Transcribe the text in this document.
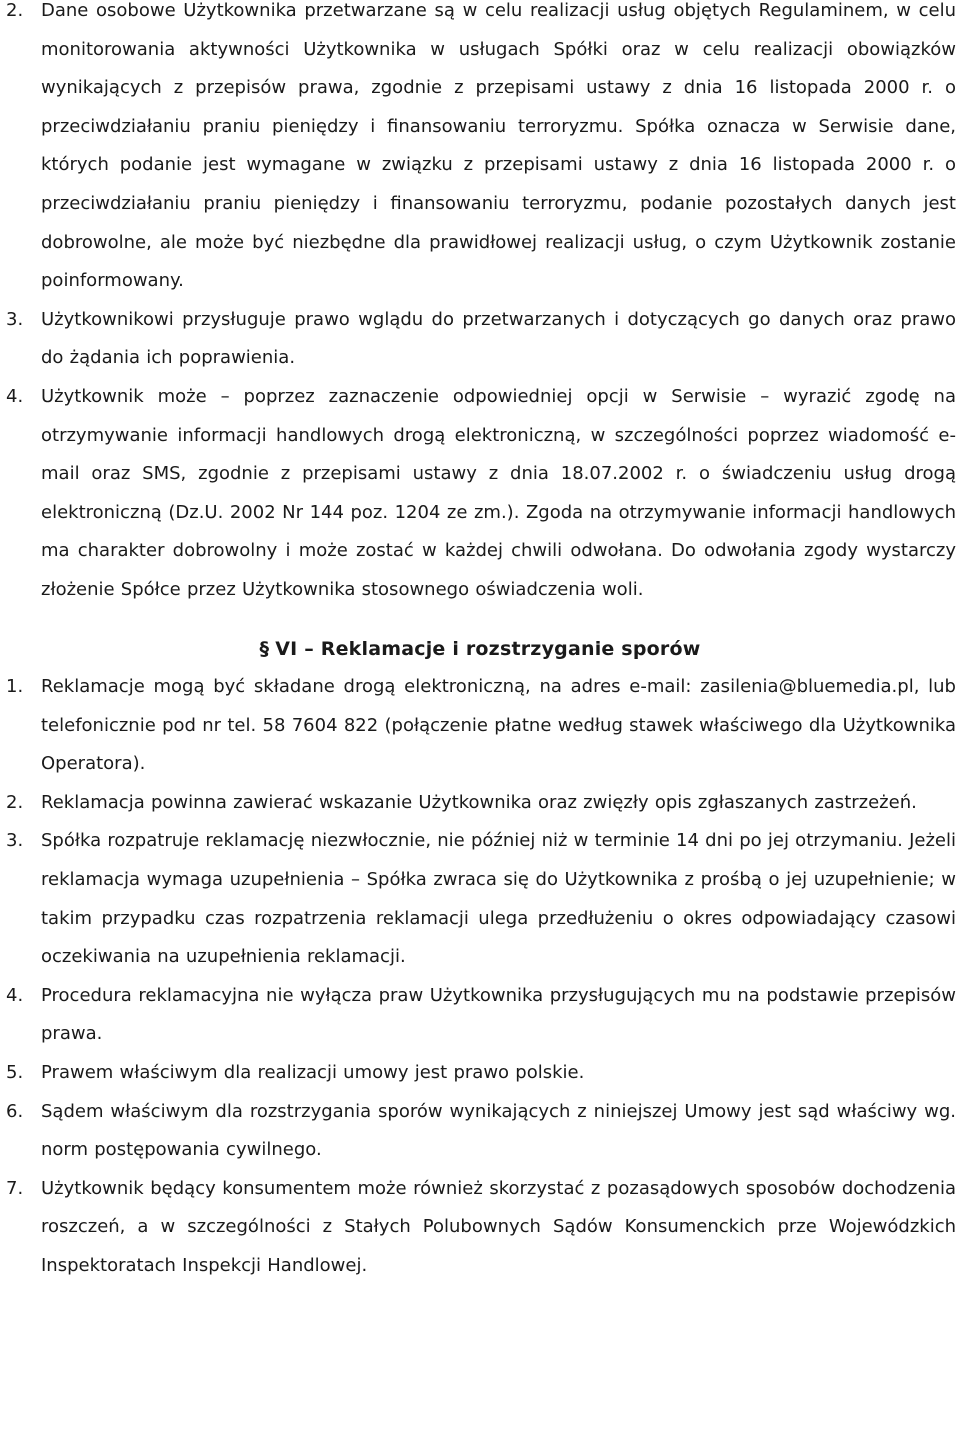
2. Dane osobowe Użytkownika przetwarzane są w celu realizacji usług objętych Regulaminem, w celu monitorowania aktywności Użytkownika w usługach Spółki oraz w celu realizacji obowiązków wynikających z przepisów prawa, zgodnie z przepisami ustawy z dnia 16 listopada 2000 r. o przeciwdziałaniu praniu pieniędzy i finansowaniu terroryzmu. Spółka oznacza w Serwisie dane, których podanie jest wymagane w związku z przepisami ustawy z dnia 16 listopada 2000 r. o przeciwdziałaniu praniu pieniędzy i finansowaniu terroryzmu, podanie pozostałych danych jest dobrowolne, ale może być niezbędne dla prawidłowej realizacji usług, o czym Użytkownik zostanie poinformowany.
3. Użytkownikowi przysługuje prawo wglądu do przetwarzanych i dotyczących go danych oraz prawo do żądania ich poprawienia.
4. Użytkownik może – poprzez zaznaczenie odpowiedniej opcji w Serwisie – wyrazić zgodę na otrzymywanie informacji handlowych drogą elektroniczną, w szczególności poprzez wiadomość e-mail oraz SMS, zgodnie z przepisami ustawy z dnia 18.07.2002 r. o świadczeniu usług drogą elektroniczną (Dz.U. 2002 Nr 144 poz. 1204 ze zm.). Zgoda na otrzymywanie informacji handlowych ma charakter dobrowolny i może zostać w każdej chwili odwołana. Do odwołania zgody wystarczy złożenie Spółce przez Użytkownika stosownego oświadczenia woli.
§ VI – Reklamacje i rozstrzyganie sporów
1. Reklamacje mogą być składane drogą elektroniczną, na adres e-mail: zasilenia@bluemedia.pl, lub telefonicznie pod nr tel. 58 7604 822 (połączenie płatne według stawek właściwego dla Użytkownika Operatora).
2. Reklamacja powinna zawierać wskazanie Użytkownika oraz zwięzły opis zgłaszanych zastrzeżeń.
3. Spółka rozpatruje reklamację niezwłocznie, nie później niż w terminie 14 dni po jej otrzymaniu. Jeżeli reklamacja wymaga uzupełnienia – Spółka zwraca się do Użytkownika z prośbą o jej uzupełnienie; w takim przypadku czas rozpatrzenia reklamacji ulega przedłużeniu o okres odpowiadający czasowi oczekiwania na uzupełnienia reklamacji.
4. Procedura reklamacyjna nie wyłącza praw Użytkownika przysługujących mu na podstawie przepisów prawa.
5. Prawem właściwym dla realizacji umowy jest prawo polskie.
6. Sądem właściwym dla rozstrzygania sporów wynikających z niniejszej Umowy jest sąd właściwy wg. norm postępowania cywilnego.
7. Użytkownik będący konsumentem może również skorzystać z pozasądowych sposobów dochodzenia roszczeń, a w szczególności z Stałych Polubownych Sądów Konsumenckich prze Wojewódzkich Inspektoratach Inspekcji Handlowej.
